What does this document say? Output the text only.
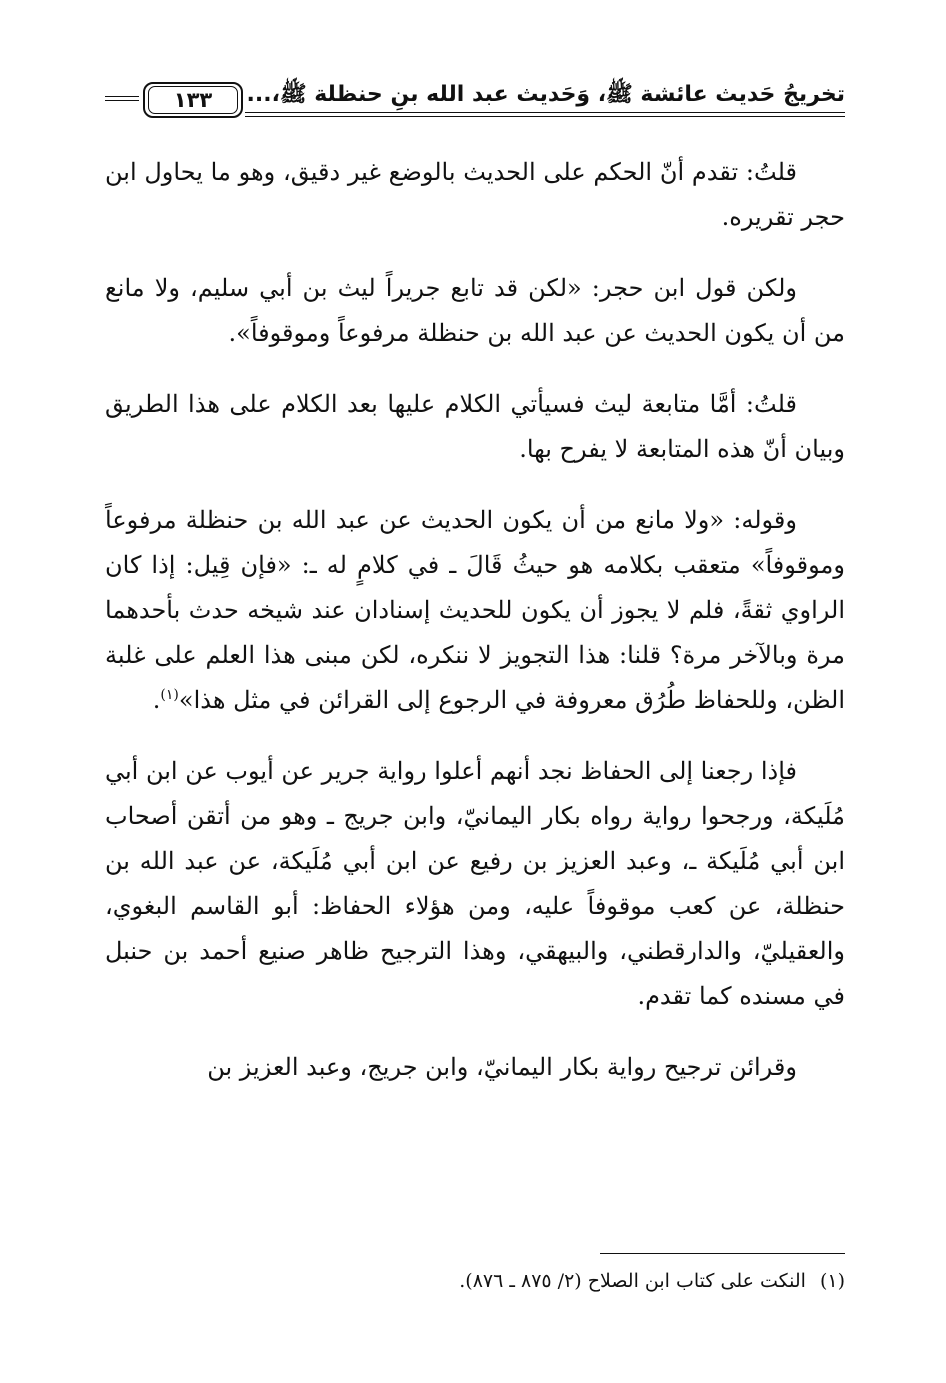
تخريجُ حَديث عائشة ﷺ، وَحَديث عبد الله بنِ حنظلة ﷺ،...
١٣٣

قلتُ: تقدم أنّ الحكم على الحديث بالوضع غير دقيق، وهو ما يحاول ابن حجر تقريره.

ولكن قول ابن حجر: «لكن قد تابع جريراً ليث بن أبي سليم، ولا مانع من أن يكون الحديث عن عبد الله بن حنظلة مرفوعاً وموقوفاً».

قلتُ: أمَّا متابعة ليث فسيأتي الكلام عليها بعد الكلام على هذا الطريق وبيان أنّ هذه المتابعة لا يفرح بها.

وقوله: «ولا مانع من أن يكون الحديث عن عبد الله بن حنظلة مرفوعاً وموقوفاً» متعقب بكلامه هو حيثُ قَالَ ـ في كلامٍ له ـ: «فإن قِيل: إذا كان الراوي ثقةً، فلم لا يجوز أن يكون للحديث إسنادان عند شيخه حدث بأحدهما مرة وبالآخر مرة؟ قلنا: هذا التجويز لا ننكره، لكن مبنى هذا العلم على غلبة الظن، وللحفاظ طُرُق معروفة في الرجوع إلى القرائن في مثل هذا»$^{(١)}$.

فإذا رجعنا إلى الحفاظ نجد أنهم أعلوا رواية جرير عن أيوب عن ابن أبي مُلَيكة، ورجحوا رواية رواه بكار اليمانيّ، وابن جريج ـ وهو من أتقن أصحاب ابن أبي مُلَيكة ـ، وعبد العزيز بن رفيع عن ابن أبي مُلَيكة، عن عبد الله بن حنظلة، عن كعب موقوفاً عليه، ومن هؤلاء الحفاظ: أبو القاسم البغوي، والعقيليّ، والدارقطني، والبيهقي، وهذا الترجيح ظاهر صنيع أحمد بن حنبل في مسنده كما تقدم.

وقرائن ترجيح رواية بكار اليمانيّ، وابن جريج، وعبد العزيز بن

(١)النكت على كتاب ابن الصلاح (٢/ ٨٧٥ ـ ٨٧٦).
